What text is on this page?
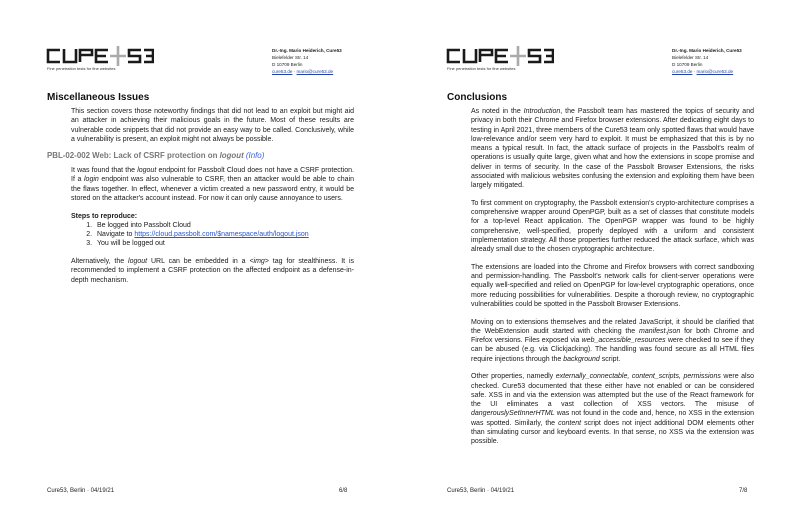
Fine penetration tests for fine websites
Dr.-Ing. Mario Heiderich, Cure53
Bielefelder Str. 14
D 10709 Berlin
cure53.de · mario@cure53.de
Miscellaneous Issues

This section covers those noteworthy findings that did not lead to an exploit but might aid an attacker in achieving their malicious goals in the future. Most of these results are vulnerable code snippets that did not provide an easy way to be called. Conclusively, while a vulnerability is present, an exploit might not always be possible.

PBL-02-002 Web: Lack of CSRF protection on logout (Info)

It was found that the logout endpoint for Passbolt Cloud does not have a CSRF protection. If a login endpoint was also vulnerable to CSRF, then an attacker would be able to chain the flaws together. In effect, whenever a victim created a new password entry, it would be stored on the attacker's account instead. For now it can only cause annoyance to users.

Steps to reproduce:
1. Be logged into Passbolt Cloud
2. Navigate to https://cloud.passbolt.com/$namespace/auth/logout.json
3. You will be logged out

Alternatively, the logout URL can be embedded in a <img> tag for stealthiness. It is recommended to implement a CSRF protection on the affected endpoint as a defense-in-depth mechanism.

Cure53, Berlin · 04/19/21	6/8
Fine penetration tests for fine websites
Dr.-Ing. Mario Heiderich, Cure53
Bielefelder Str. 14
D 10709 Berlin
cure53.de · mario@cure53.de
Conclusions

As noted in the Introduction, the Passbolt team has mastered the topics of security and privacy in both their Chrome and Firefox browser extensions. After dedicating eight days to testing in April 2021, three members of the Cure53 team only spotted flaws that would have low-relevance and/or seem very hard to exploit. It must be emphasized that this is by no means a typical result. In fact, the attack surface of projects in the Passbolt's realm of operations is usually quite large, given what and how the extensions in scope promise and deliver in terms of security. In the case of the Passbolt Browser Extensions, the risks associated with malicious websites confusing the extension and exploiting them have been largely mitigated.

To first comment on cryptography, the Passbolt extension's crypto-architecture comprises a comprehensive wrapper around OpenPGP, built as a set of classes that constitute models for a top-level React application. The OpenPGP wrapper was found to be highly comprehensive, well-specified, properly deployed with a uniform and consistent implementation strategy. All those properties further reduced the attack surface, which was already small due to the chosen cryptographic architecture.

The extensions are loaded into the Chrome and Firefox browsers with correct sandboxing and permission-handling. The Passbolt's network calls for client-server operations were equally well-specified and relied on OpenPGP for low-level cryptographic operations, once more reducing possibilities for vulnerabilities. Despite a thorough review, no cryptographic vulnerabilities could be spotted in the Passbolt Browser Extensions.

Moving on to extensions themselves and the related JavaScript, it should be clarified that the WebExtension audit started with checking the manifest.json for both Chrome and Firefox versions. Files exposed via web_accessible_resources were checked to see if they can be abused (e.g. via Clickjacking). The handling was found secure as all HTML files require injections through the background script.

Other properties, namedly externally_connectable, content_scripts, permissions were also checked. Cure53 documented that these either have not enabled or can be considered safe. XSS in and via the extension was attempted but the use of the React framework for the UI eliminates a vast collection of XSS vectors. The misuse of dangerouslySetInnerHTML was not found in the code and, hence, no XSS in the extension was spotted. Similarly, the content script does not inject additional DOM elements other than simulating cursor and keyboard events. In that sense, no XSS via the extension was possible.

Cure53, Berlin · 04/19/21	7/8
